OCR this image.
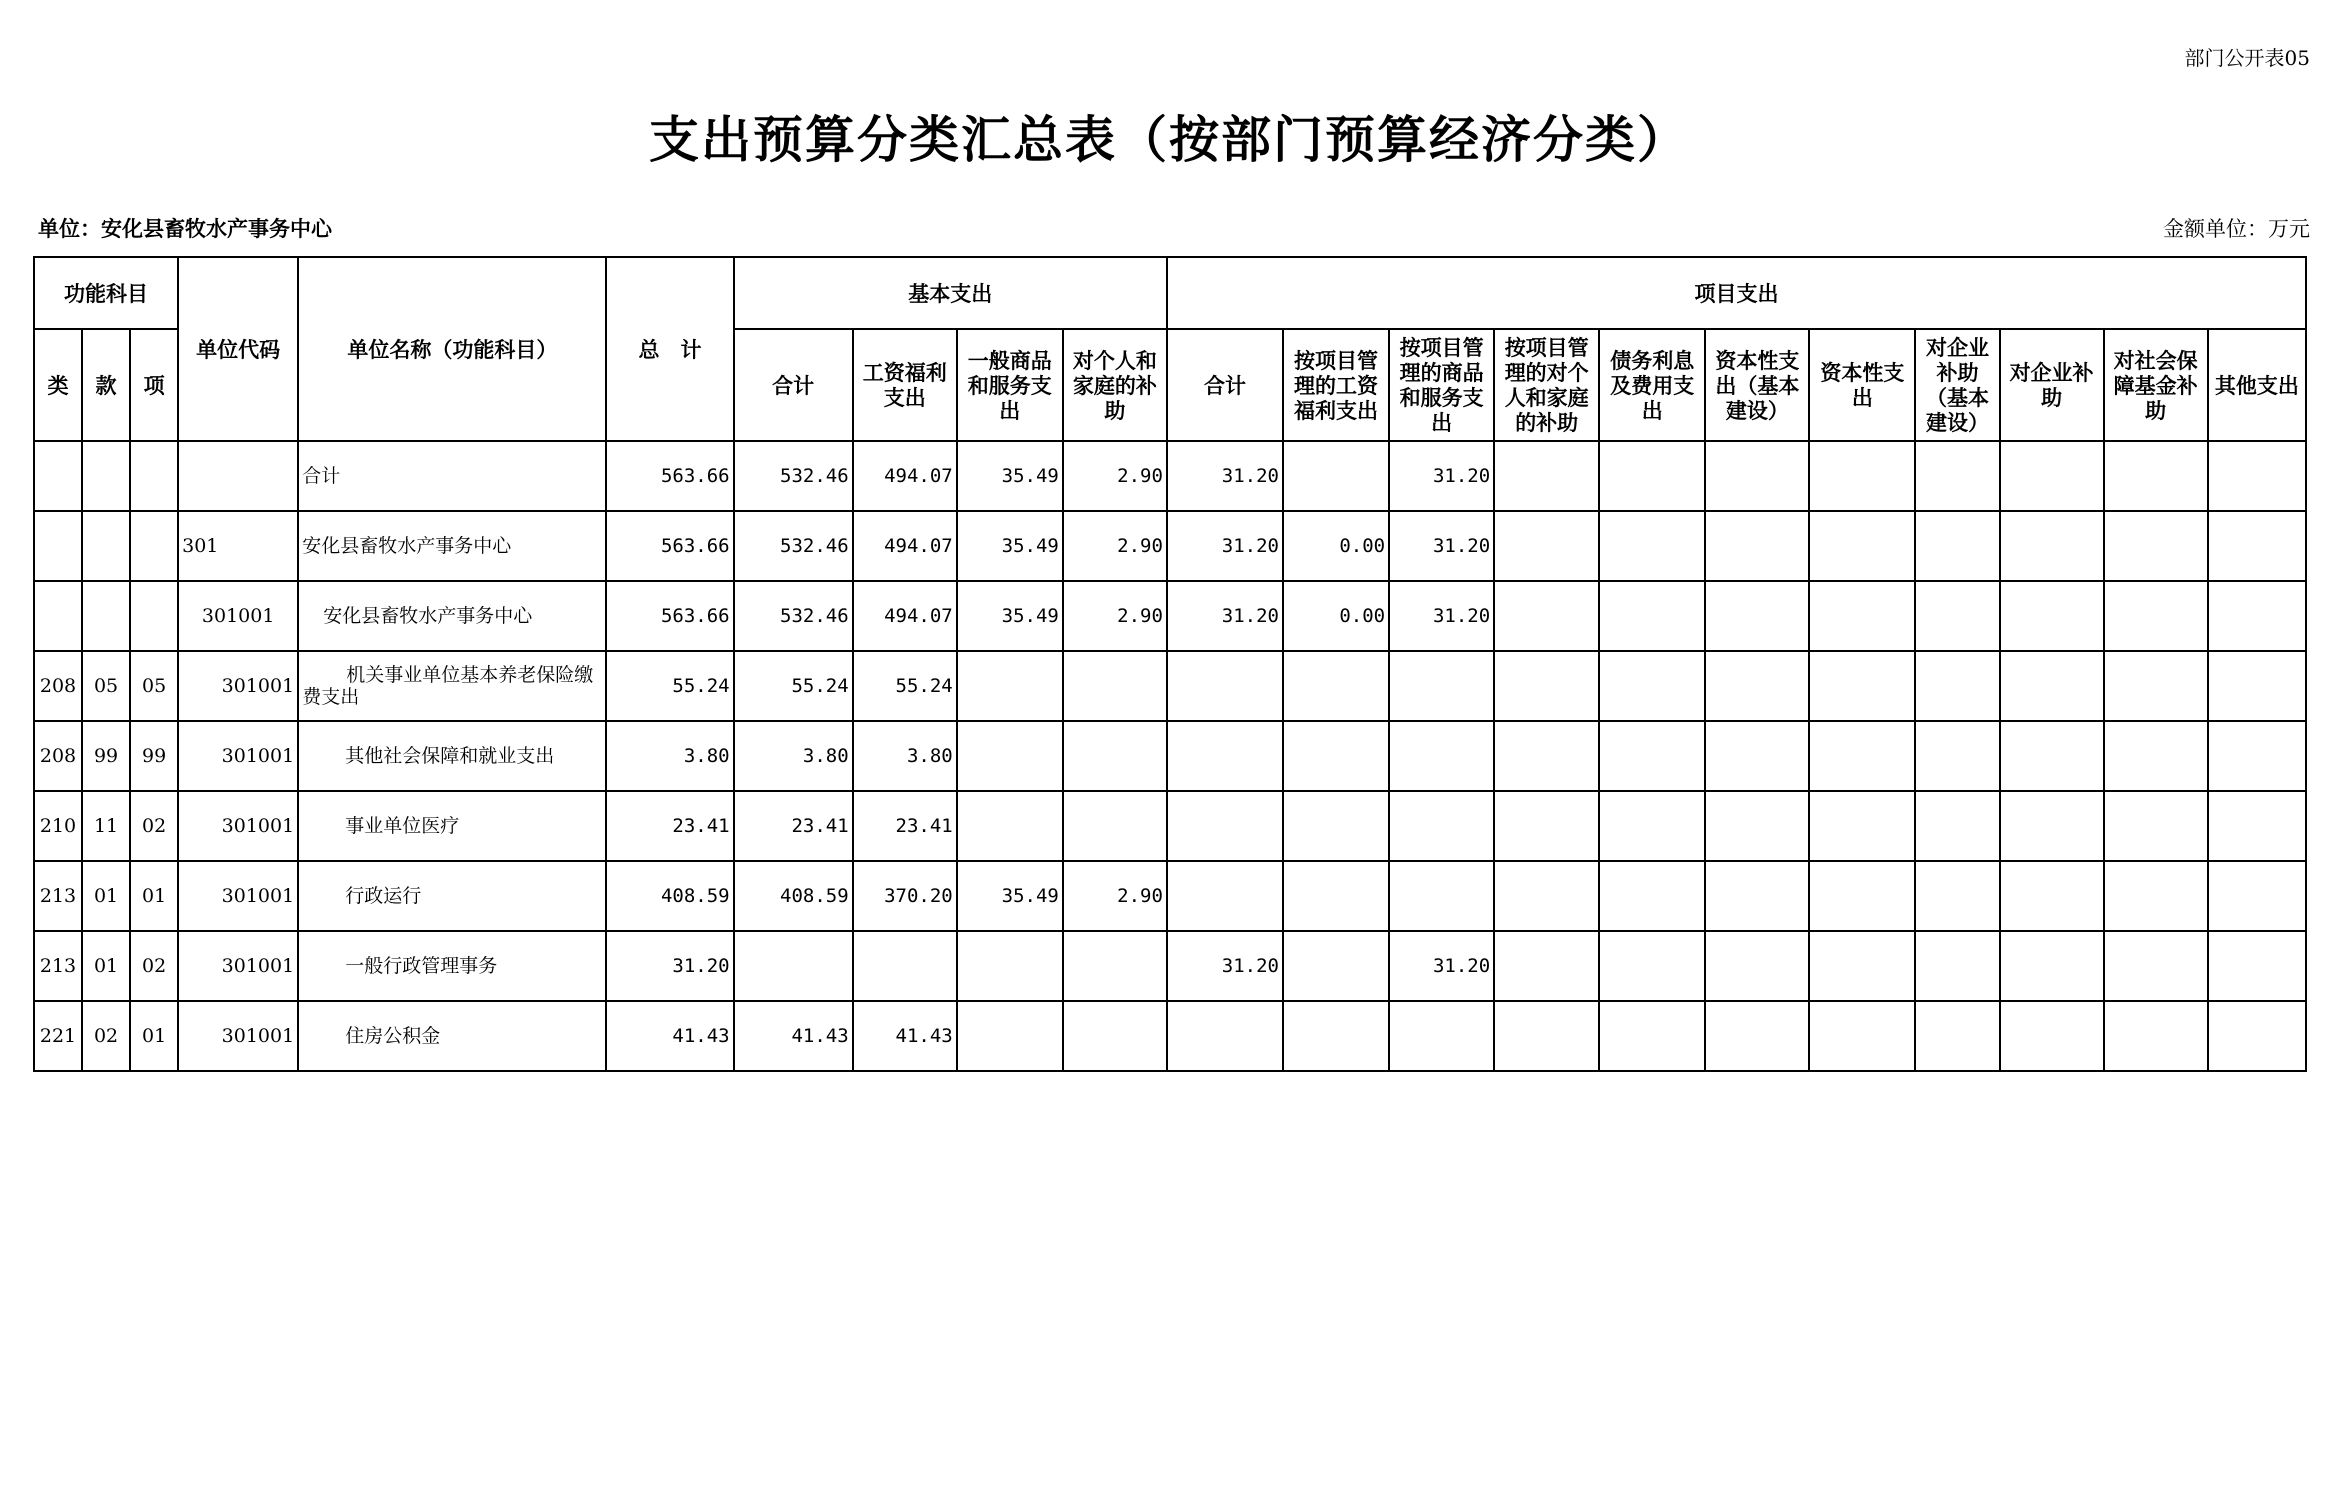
部门公开表05
支出预算分类汇总表（按部门预算经济分类）
单位：安化县畜牧水产事务中心	金额单位：万元
功能科目			单位代码	单位名称（功能科目）	总　计	基本支出				项目支出										
类	款	项				合计	工资福利支出	一般商品和服务支出	对个人和家庭的补助	合计	按项目管理的工资福利支出	按项目管理的商品和服务支出	按项目管理的对个人和家庭的补助	债务利息及费用支出	资本性支出（基本建设）	资本性支出	对企业补助（基本建设）	对企业补助	对社会保障基金补助	其他支出
				合计	563.66	532.46	494.07	35.49	2.90	31.20		31.20								
			301	安化县畜牧水产事务中心	563.66	532.46	494.07	35.49	2.90	31.20	0.00	31.20								
			301001	安化县畜牧水产事务中心	563.66	532.46	494.07	35.49	2.90	31.20	0.00	31.20								
208	05	05	301001	机关事业单位基本养老保险缴费支出	55.24	55.24	55.24													
208	99	99	301001	其他社会保障和就业支出	3.80	3.80	3.80													
210	11	02	301001	事业单位医疗	23.41	23.41	23.41													
213	01	01	301001	行政运行	408.59	408.59	370.20	35.49	2.90											
213	01	02	301001	一般行政管理事务	31.20					31.20		31.20								
221	02	01	301001	住房公积金	41.43	41.43	41.43													
